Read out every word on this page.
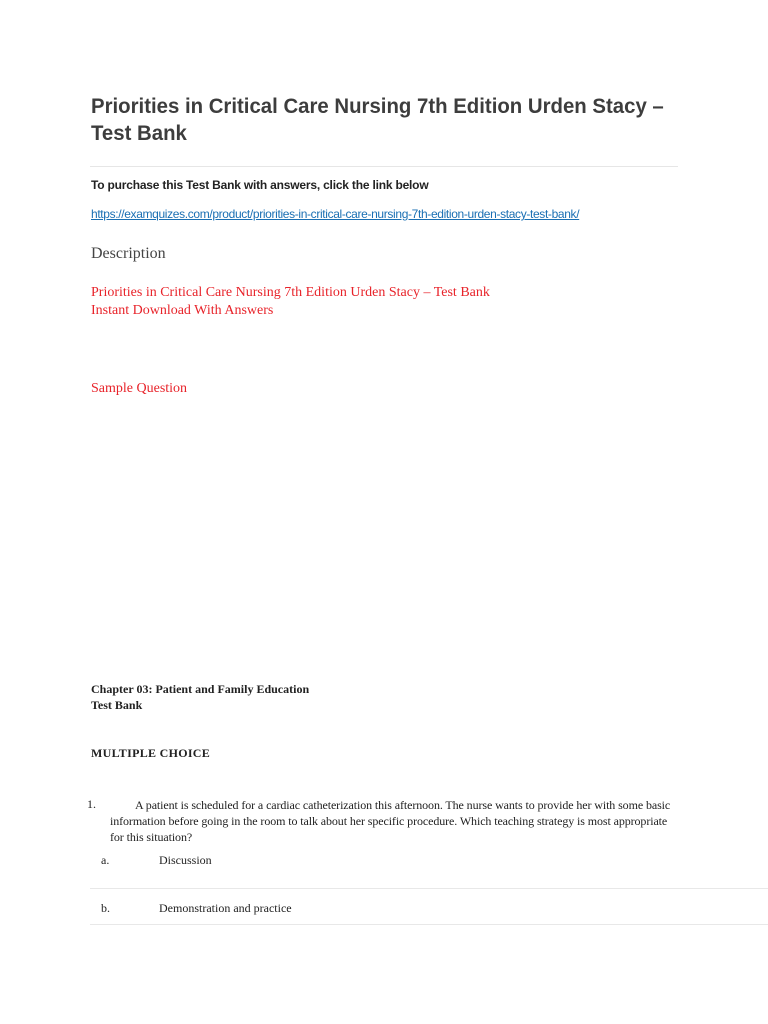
Priorities in Critical Care Nursing 7th Edition Urden Stacy – Test Bank
To purchase this Test Bank with answers, click the link below
https://examquizes.com/product/priorities-in-critical-care-nursing-7th-edition-urden-stacy-test-bank/
Description
Priorities in Critical Care Nursing 7th Edition Urden Stacy – Test Bank
Instant Download With Answers
Sample Question
Chapter 03: Patient and Family Education
Test Bank
MULTIPLE CHOICE
1.	A patient is scheduled for a cardiac catheterization this afternoon. The nurse wants to provide her with some basic information before going in the room to talk about her specific procedure. Which teaching strategy is most appropriate for this situation?
a.	Discussion
b.	Demonstration and practice
